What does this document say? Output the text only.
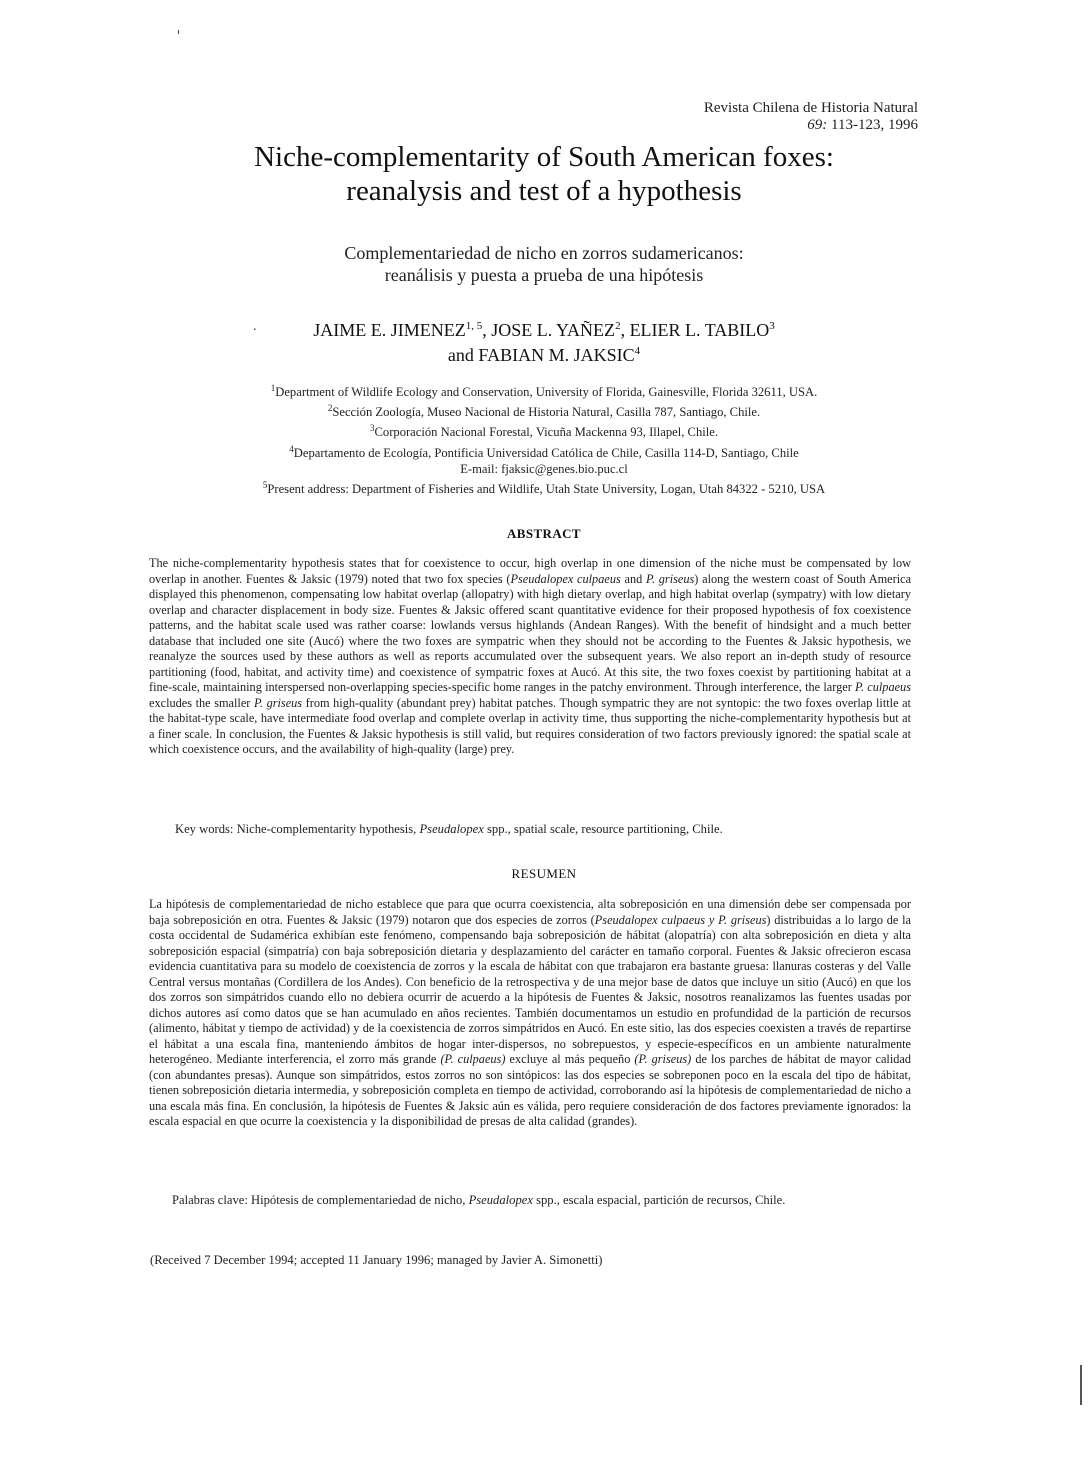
Revista Chilena de Historia Natural
69: 113-123, 1996
Niche-complementarity of South American foxes:
reanalysis and test of a hypothesis
Complementariedad de nicho en zorros sudamericanos:
reanálisis y puesta a prueba de una hipótesis
.	JAIME E. JIMENEZ$^{1, 5}$, JOSE L. YAÑEZ$^2$, ELIER L. TABILO$^3$
and FABIAN M. JAKSIC$^4$
$^1$Department of Wildlife Ecology and Conservation, University of Florida, Gainesville, Florida 32611, USA.
$^2$Sección Zoología, Museo Nacional de Historia Natural, Casilla 787, Santiago, Chile.
$^3$Corporación Nacional Forestal, Vicuña Mackenna 93, Illapel, Chile.
$^4$Departamento de Ecología, Pontificia Universidad Católica de Chile, Casilla 114-D, Santiago, Chile
E-mail: fjaksic@genes.bio.puc.cl
$^5$Present address: Department of Fisheries and Wildlife, Utah State University, Logan, Utah 84322 - 5210, USA
ABSTRACT
The niche-complementarity hypothesis states that for coexistence to occur, high overlap in one dimension of the niche must be compensated by low overlap in another. Fuentes & Jaksic (1979) noted that two fox species (Pseudalopex culpaeus and P. griseus) along the western coast of South America displayed this phenomenon, compensating low habitat overlap (allopatry) with high dietary overlap, and high habitat overlap (sympatry) with low dietary overlap and character displacement in body size. Fuentes & Jaksic offered scant quantitative evidence for their proposed hypothesis of fox coexistence patterns, and the habitat scale used was rather coarse: lowlands versus highlands (Andean Ranges). With the benefit of hindsight and a much better database that included one site (Aucó) where the two foxes are sympatric when they should not be according to the Fuentes & Jaksic hypothesis, we reanalyze the sources used by these authors as well as reports accumulated over the subsequent years. We also report an in-depth study of resource partitioning (food, habitat, and activity time) and coexistence of sympatric foxes at Aucó. At this site, the two foxes coexist by partitioning habitat at a fine-scale, maintaining interspersed non-overlapping species-specific home ranges in the patchy environment. Through interference, the larger P. culpaeus excludes the smaller P. griseus from high-quality (abundant prey) habitat patches. Though sympatric they are not syntopic: the two foxes overlap little at the habitat-type scale, have intermediate food overlap and complete overlap in activity time, thus supporting the niche-complementarity hypothesis but at a finer scale. In conclusion, the Fuentes & Jaksic hypothesis is still valid, but requires consideration of two factors previously ignored: the spatial scale at which coexistence occurs, and the availability of high-quality (large) prey.
Key words: Niche-complementarity hypothesis, Pseudalopex spp., spatial scale, resource partitioning, Chile.
RESUMEN
La hipótesis de complementariedad de nicho establece que para que ocurra coexistencia, alta sobreposición en una dimensión debe ser compensada por baja sobreposición en otra. Fuentes & Jaksic (1979) notaron que dos especies de zorros (Pseudalopex culpaeus y P. griseus) distribuidas a lo largo de la costa occidental de Sudamérica exhibían este fenómeno, compensando baja sobreposición de hábitat (alopatría) con alta sobreposición en dieta y alta sobreposición espacial (simpatría) con baja sobreposición dietaria y desplazamiento del carácter en tamaño corporal. Fuentes & Jaksic ofrecieron escasa evidencia cuantitativa para su modelo de coexistencia de zorros y la escala de hábitat con que trabajaron era bastante gruesa: llanuras costeras y del Valle Central versus montañas (Cordillera de los Andes). Con beneficio de la retrospectiva y de una mejor base de datos que incluye un sitio (Aucó) en que los dos zorros son simpátridos cuando ello no debiera ocurrir de acuerdo a la hipótesis de Fuentes & Jaksic, nosotros reanalizamos las fuentes usadas por dichos autores así como datos que se han acumulado en años recientes. También documentamos un estudio en profundidad de la partición de recursos (alimento, hábitat y tiempo de actividad) y de la coexistencia de zorros simpátridos en Aucó. En este sitio, las dos especies coexisten a través de repartirse el hábitat a una escala fina, manteniendo ámbitos de hogar inter-dispersos, no sobrepuestos, y especie-específicos en un ambiente naturalmente heterogéneo. Mediante interferencia, el zorro más grande (P. culpaeus) excluye al más pequeño (P. griseus) de los parches de hábitat de mayor calidad (con abundantes presas). Aunque son simpátridos, estos zorros no son sintópicos: las dos especies se sobreponen poco en la escala del tipo de hábitat, tienen sobreposición dietaria intermedia, y sobreposición completa en tiempo de actividad, corroborando así la hipótesis de complementariedad de nicho a una escala más fina. En conclusión, la hipótesis de Fuentes & Jaksic aún es válida, pero requiere consideración de dos factores previamente ignorados: la escala espacial en que ocurre la coexistencia y la disponibilidad de presas de alta calidad (grandes).
Palabras clave: Hipótesis de complementariedad de nicho, Pseudalopex spp., escala espacial, partición de recursos, Chile.
(Received 7 December 1994; accepted 11 January 1996; managed by Javier A. Simonetti)
